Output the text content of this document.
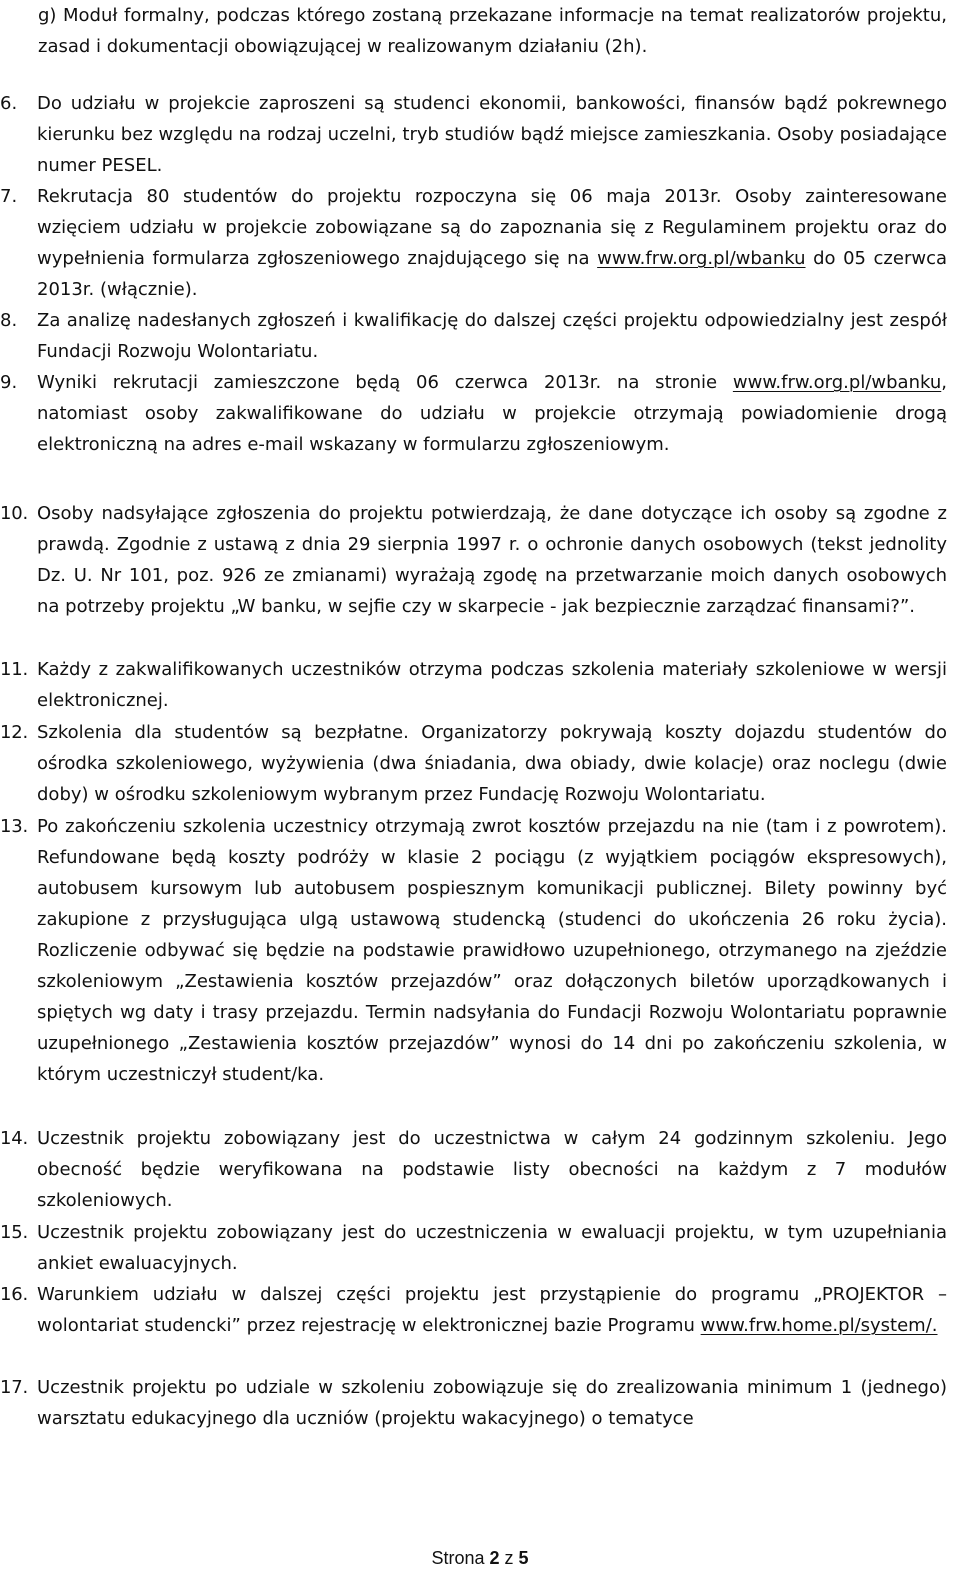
g) Moduł formalny, podczas którego zostaną przekazane informacje na temat realizatorów projektu, zasad i dokumentacji obowiązującej w realizowanym działaniu (2h).
6.	Do udziału w projekcie zaproszeni są studenci ekonomii, bankowości, finansów bądź pokrewnego kierunku bez względu na rodzaj uczelni, tryb studiów bądź miejsce zamieszkania. Osoby posiadające numer PESEL.
7.	Rekrutacja 80 studentów do projektu rozpoczyna się 06 maja 2013r. Osoby zainteresowane wzięciem udziału w projekcie zobowiązane są do zapoznania się z Regulaminem projektu oraz do wypełnienia formularza zgłoszeniowego znajdującego się na www.frw.org.pl/wbanku do 05 czerwca 2013r. (włącznie).
8.	Za analizę nadesłanych zgłoszeń i kwalifikację do dalszej części projektu odpowiedzialny jest zespół Fundacji Rozwoju Wolontariatu.
9.	Wyniki rekrutacji zamieszczone będą 06 czerwca 2013r. na stronie www.frw.org.pl/wbanku, natomiast osoby zakwalifikowane do udziału w projekcie otrzymają powiadomienie drogą elektroniczną na adres e-mail wskazany w formularzu zgłoszeniowym.
10. Osoby nadsyłające zgłoszenia do projektu potwierdzają, że dane dotyczące ich osoby są zgodne z prawdą. Zgodnie z ustawą z dnia 29 sierpnia 1997 r. o ochronie danych osobowych (tekst jednolity Dz. U. Nr 101, poz. 926 ze zmianami) wyrażają zgodę na przetwarzanie moich danych osobowych na potrzeby projektu „W banku, w sejfie czy w skarpecie - jak bezpiecznie zarządzać finansami?”.
11. Każdy z zakwalifikowanych uczestników otrzyma podczas szkolenia materiały szkoleniowe w wersji elektronicznej.
12. Szkolenia dla studentów są bezpłatne. Organizatorzy pokrywają koszty dojazdu studentów do ośrodka szkoleniowego, wyżywienia (dwa śniadania, dwa obiady, dwie kolacje) oraz noclegu (dwie doby) w ośrodku szkoleniowym wybranym przez Fundację Rozwoju Wolontariatu.
13. Po zakończeniu szkolenia uczestnicy otrzymają zwrot kosztów przejazdu na nie (tam i z powrotem). Refundowane będą koszty podróży w klasie 2 pociągu (z wyjątkiem pociągów ekspresowych), autobusem kursowym lub autobusem pospiesznym komunikacji publicznej. Bilety powinny być zakupione z przysługująca ulgą ustawową studencką (studenci do ukończenia 26 roku życia). Rozliczenie odbywać się będzie na podstawie prawidłowo uzupełnionego, otrzymanego na zjeździe szkoleniowym „Zestawienia kosztów przejazdów” oraz dołączonych biletów uporządkowanych i spiętych wg daty i trasy przejazdu. Termin nadsyłania do Fundacji Rozwoju Wolontariatu poprawnie uzupełnionego „Zestawienia kosztów przejazdów” wynosi do 14 dni po zakończeniu szkolenia, w którym uczestniczył student/ka.
14. Uczestnik projektu zobowiązany jest do uczestnictwa w całym 24 godzinnym szkoleniu. Jego obecność będzie weryfikowana na podstawie listy obecności na każdym z 7 modułów szkoleniowych.
15. Uczestnik projektu zobowiązany jest do uczestniczenia w ewaluacji projektu, w tym uzupełniania ankiet ewaluacyjnych.
16. Warunkiem udziału w dalszej części projektu jest przystąpienie do programu „PROJEKTOR – wolontariat studencki” przez rejestrację w elektronicznej bazie Programu www.frw.home.pl/system/.
17. Uczestnik projektu po udziale w szkoleniu zobowiązuje się do zrealizowania minimum 1 (jednego) warsztatu edukacyjnego dla uczniów (projektu wakacyjnego) o tematyce
Strona 2 z 5
